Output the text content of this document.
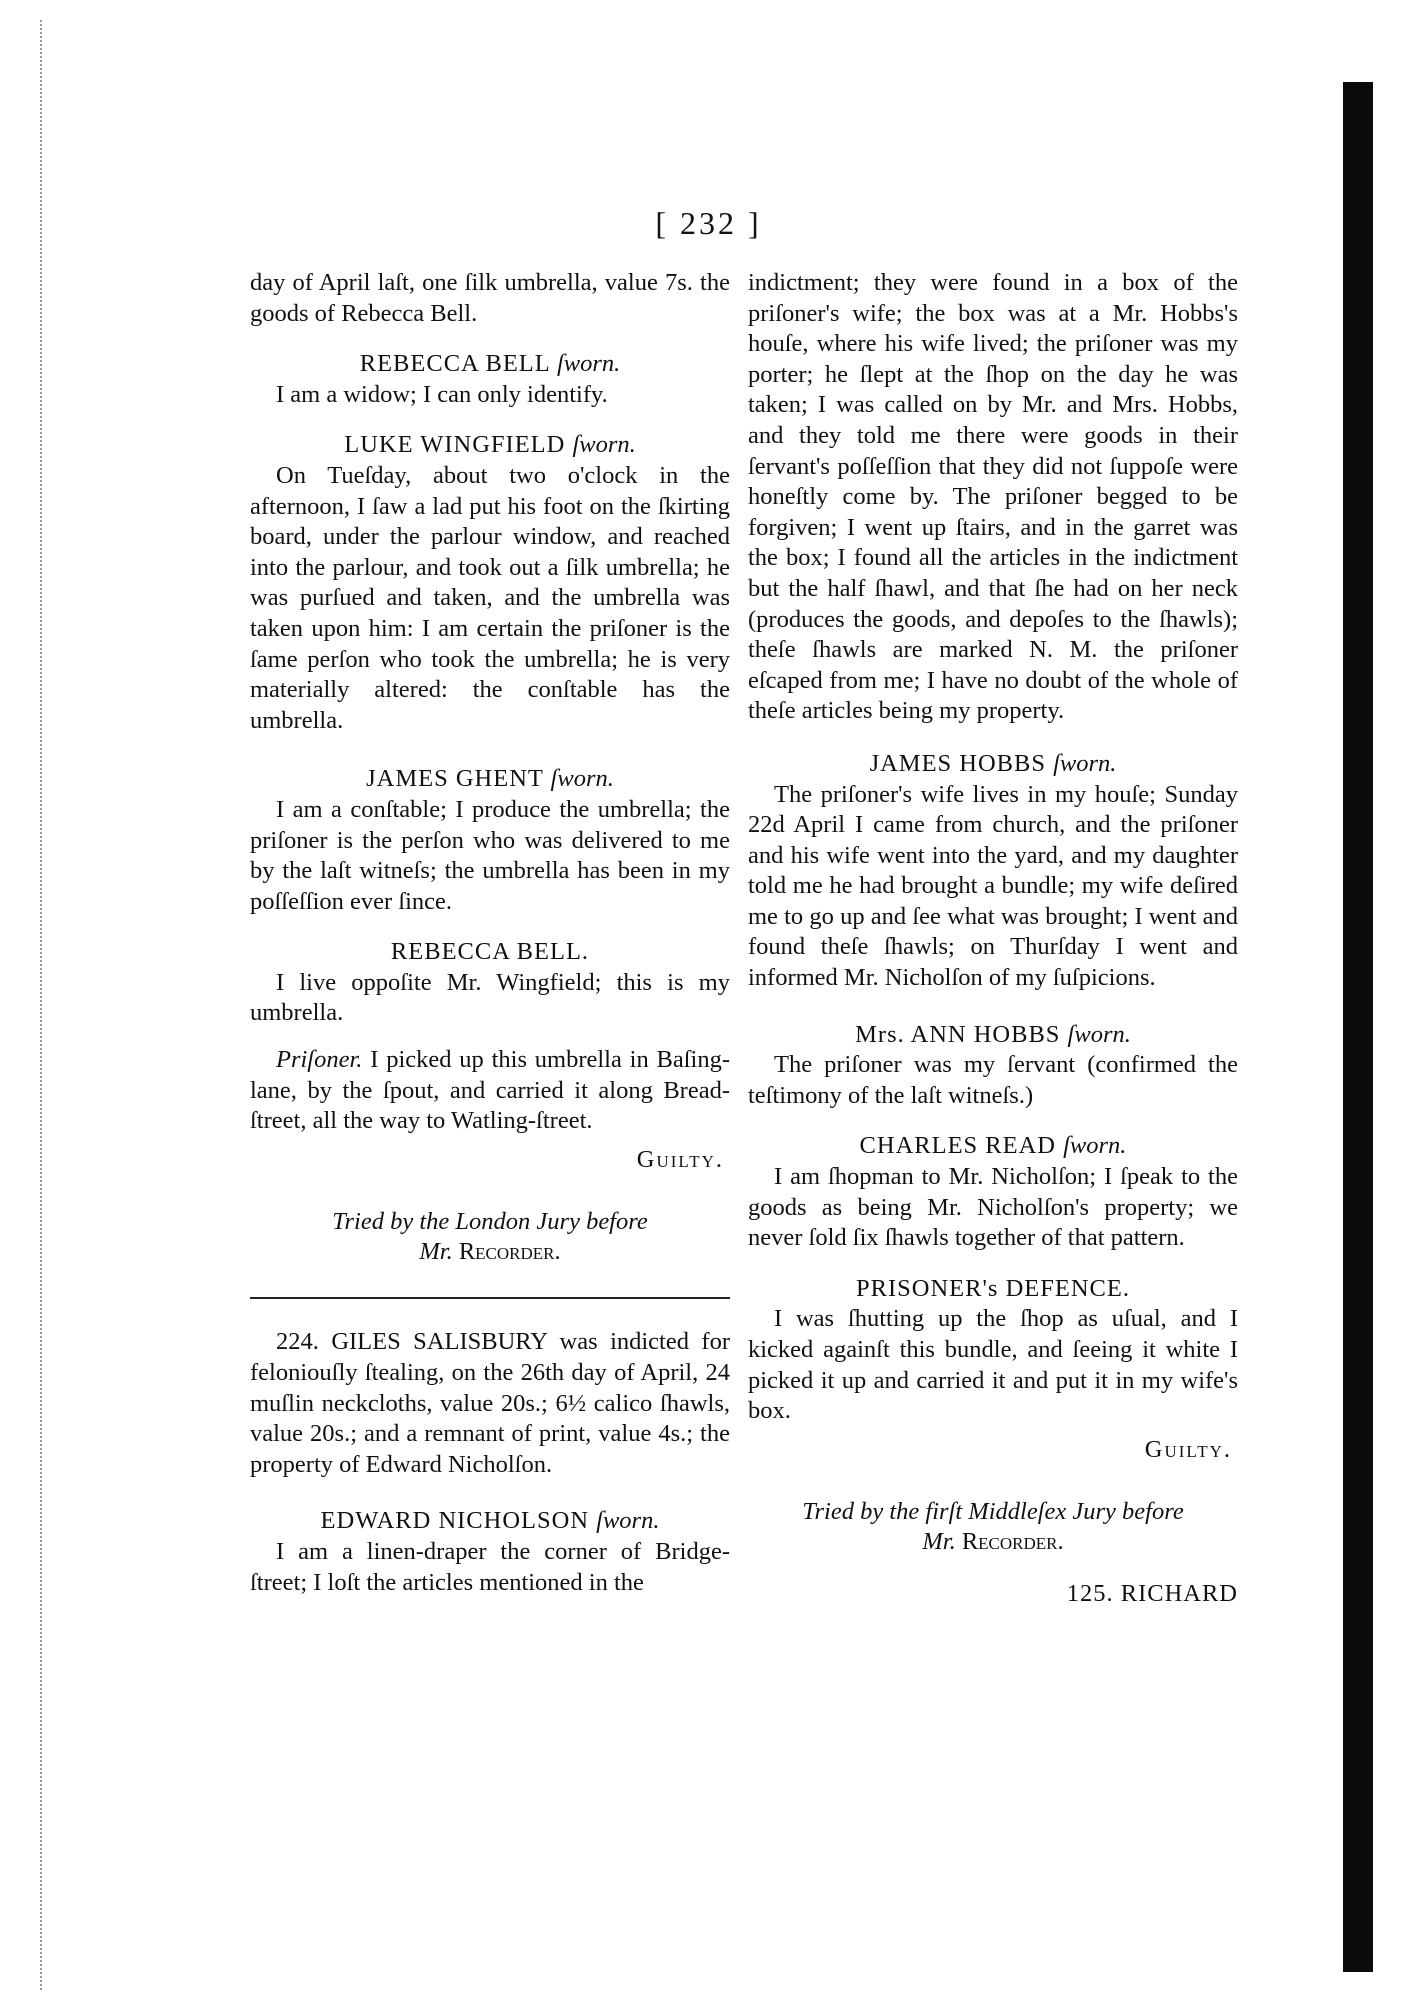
[ 232 ]

day of April laſt, one ſilk umbrella, value 7s. the goods of Rebecca Bell.

REBECCA BELL ſworn.

I am a widow; I can only identify.

LUKE WINGFIELD ſworn.

On Tueſday, about two o'clock in the afternoon, I ſaw a lad put his foot on the ſkirting board, under the parlour window, and reached into the parlour, and took out a ſilk umbrella; he was purſued and taken, and the umbrella was taken upon him: I am certain the priſoner is the ſame perſon who took the umbrella; he is very materially altered: the conſtable has the umbrella.

JAMES GHENT ſworn.

I am a conſtable; I produce the umbrella; the priſoner is the perſon who was delivered to me by the laſt witneſs; the umbrella has been in my poſſeſſion ever ſince.

REBECCA BELL.

I live oppoſite Mr. Wingfield; this is my umbrella.

Priſoner. I picked up this umbrella in Baſing-lane, by the ſpout, and carried it along Bread-ſtreet, all the way to Watling-ſtreet.

Guilty.
Tried by the London Jury before
Mr. Recorder.

224. GILES SALISBURY was indicted for feloniouſly ſtealing, on the 26th day of April, 24 muſlin neckcloths, value 20s.; 6½ calico ſhawls, value 20s.; and a remnant of print, value 4s.; the property of Edward Nicholſon.

EDWARD NICHOLSON ſworn.

I am a linen-draper the corner of Bridge-ſtreet; I loſt the articles mentioned in the

indictment; they were found in a box of the priſoner's wife; the box was at a Mr. Hobbs's houſe, where his wife lived; the priſoner was my porter; he ſlept at the ſhop on the day he was taken; I was called on by Mr. and Mrs. Hobbs, and they told me there were goods in their ſervant's poſſeſſion that they did not ſuppoſe were honeſtly come by. The priſoner begged to be forgiven; I went up ſtairs, and in the garret was the box; I found all the articles in the indictment but the half ſhawl, and that ſhe had on her neck (produces the goods, and depoſes to the ſhawls); theſe ſhawls are marked N. M. the priſoner eſcaped from me; I have no doubt of the whole of theſe articles being my property.

JAMES HOBBS ſworn.

The priſoner's wife lives in my houſe; Sunday 22d April I came from church, and the priſoner and his wife went into the yard, and my daughter told me he had brought a bundle; my wife deſired me to go up and ſee what was brought; I went and found theſe ſhawls; on Thurſday I went and informed Mr. Nicholſon of my ſuſpicions.

Mrs. ANN HOBBS ſworn.

The priſoner was my ſervant (confirmed the teſtimony of the laſt witneſs.)

CHARLES READ ſworn.

I am ſhopman to Mr. Nicholſon; I ſpeak to the goods as being Mr. Nicholſon's property; we never ſold ſix ſhawls together of that pattern.

PRISONER's DEFENCE.

I was ſhutting up the ſhop as uſual, and I kicked againſt this bundle, and ſeeing it white I picked it up and carried it and put it in my wife's box.

Guilty.
Tried by the firſt Middleſex Jury before
Mr. Recorder.
125. RICHARD
